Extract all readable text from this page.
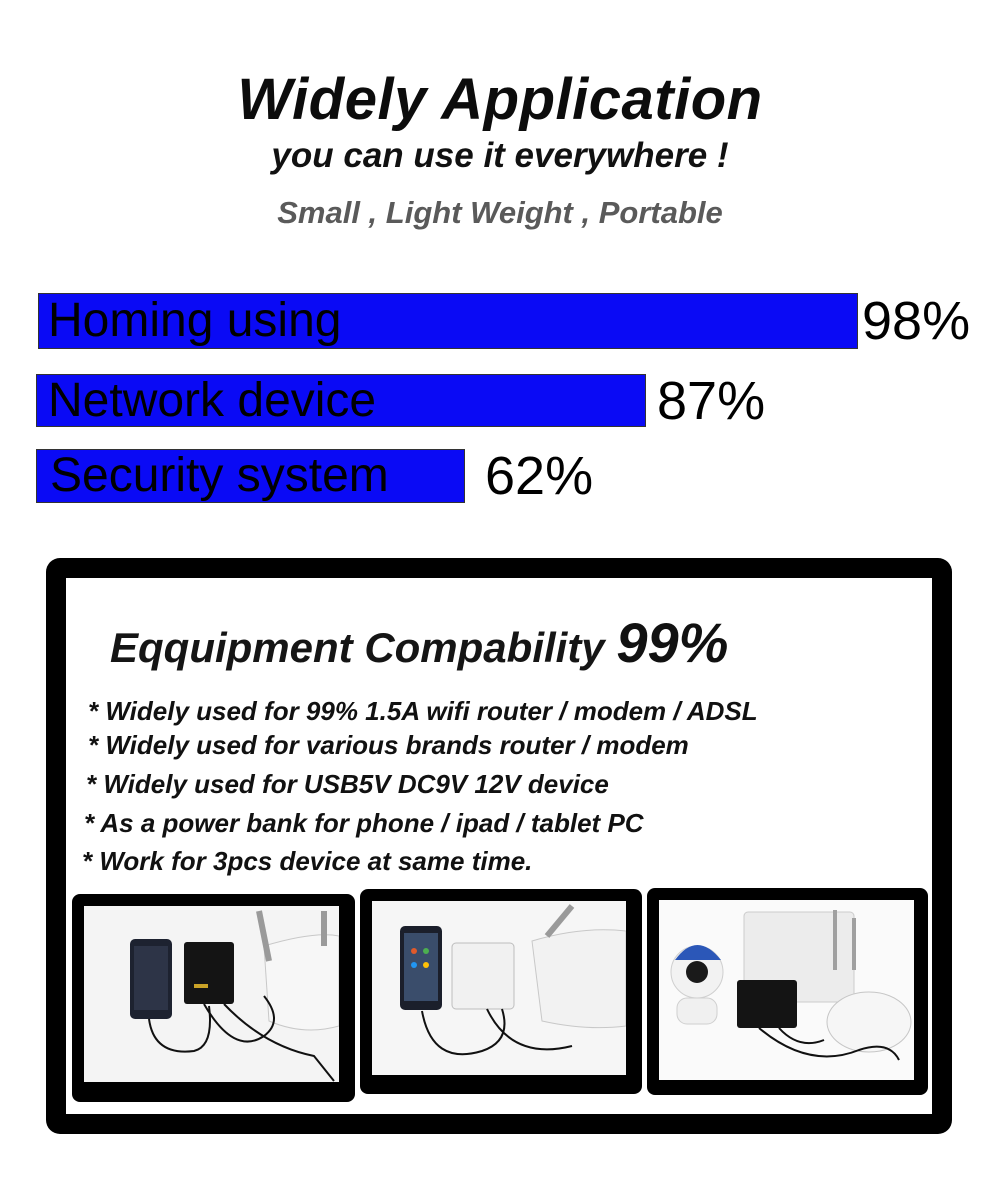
Widely Application
you can use it everywhere !
Small , Light Weight , Portable
Homing using	98%
Network device	87%
Security system 62%
Eqquipment Compability 99%
* Widely used for 99% 1.5A wifi router / modem / ADSL
* Widely used for various brands router / modem
* Widely used for USB5V DC9V 12V device
* As a power bank for phone / ipad / tablet PC
* Work for 3pcs device at same time.
